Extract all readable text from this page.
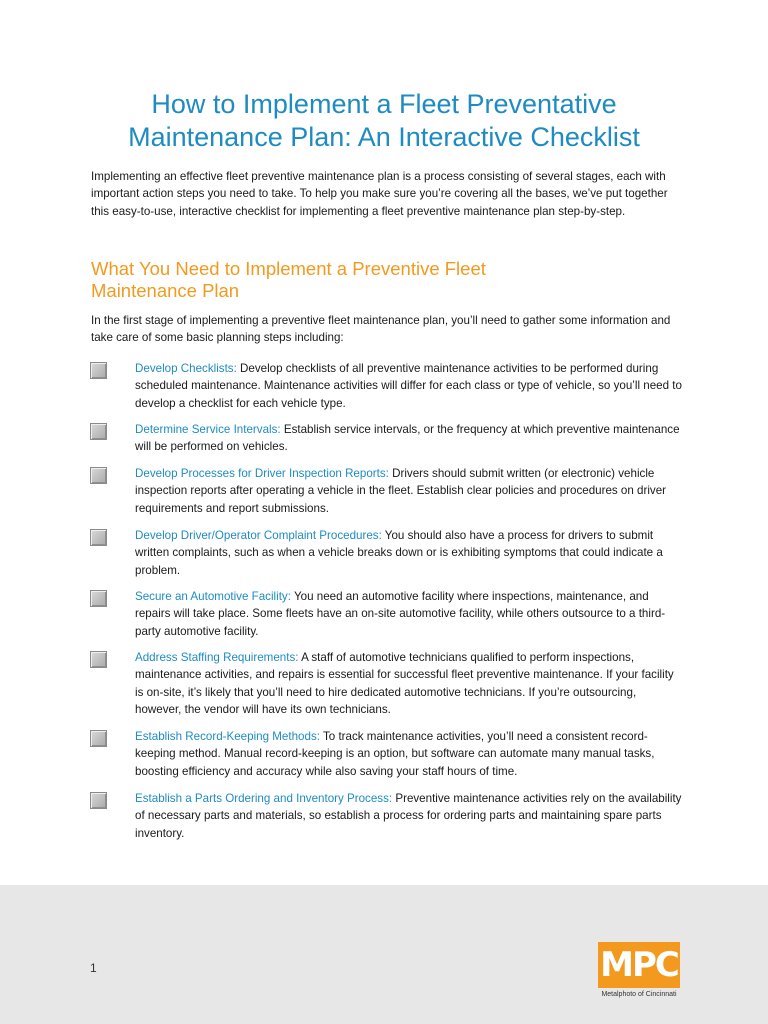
How to Implement a Fleet Preventative
Maintenance Plan: An Interactive Checklist

Implementing an effective fleet preventive maintenance plan is a process consisting of several stages, each with important action steps you need to take. To help you make sure you’re covering all the bases, we’ve put together this easy-to-use, interactive checklist for implementing a fleet preventive maintenance plan step-by-step.

What You Need to Implement a Preventive Fleet
Maintenance Plan

In the first stage of implementing a preventive fleet maintenance plan, you’ll need to gather some information and take care of some basic planning steps including:

Develop Checklists: Develop checklists of all preventive maintenance activities to be performed during scheduled maintenance. Maintenance activities will differ for each class or type of vehicle, so you’ll need to develop a checklist for each vehicle type.

Determine Service Intervals: Establish service intervals, or the frequency at which preventive maintenance will be performed on vehicles.

Develop Processes for Driver Inspection Reports: Drivers should submit written (or electronic) vehicle inspection reports after operating a vehicle in the fleet. Establish clear policies and procedures on driver requirements and report submissions.

Develop Driver/Operator Complaint Procedures: You should also have a process for drivers to submit written complaints, such as when a vehicle breaks down or is exhibiting symptoms that could indicate a problem.

Secure an Automotive Facility: You need an automotive facility where inspections, maintenance, and repairs will take place. Some fleets have an on-site automotive facility, while others outsource to a third-party automotive facility.

Address Staffing Requirements: A staff of automotive technicians qualified to perform inspections, maintenance activities, and repairs is essential for successful fleet preventive maintenance. If your facility is on-site, it’s likely that you’ll need to hire dedicated automotive technicians. If you’re outsourcing, however, the vendor will have its own technicians.

Establish Record-Keeping Methods: To track maintenance activities, you’ll need a consistent record-keeping method. Manual record-keeping is an option, but software can automate many manual tasks, boosting efficiency and accuracy while also saving your staff hours of time.

Establish a Parts Ordering and Inventory Process: Preventive maintenance activities rely on the availability of necessary parts and materials, so establish a process for ordering parts and maintaining spare parts inventory.

1	MPC
Metalphoto of Cincinnati
